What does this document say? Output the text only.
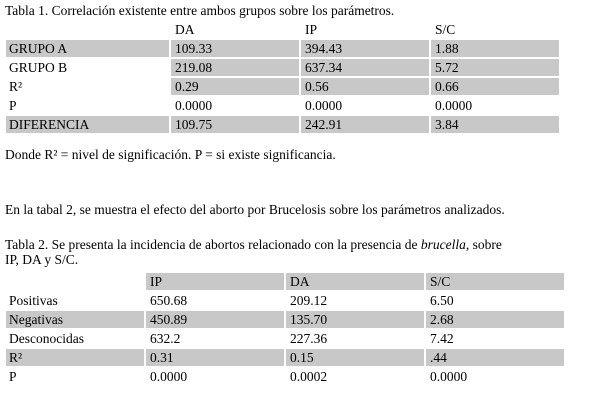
Tabla 1. Correlación existente entre ambos grupos sobre los parámetros.
	DA	IP	S/C
GRUPO A	109.33	394.43	1.88
GRUPO B	219.08	637.34	5.72
R²	0.29	0.56	0.66
P	0.0000	0.0000	0.0000
DIFERENCIA	109.75	242.91	3.84
Donde R² = nivel de significación. P = si existe significancia.
En la tabal 2, se muestra el efecto del aborto por Brucelosis sobre los parámetros analizados.
Tabla 2. Se presenta la incidencia de abortos relacionado con la presencia de brucella, sobre
IP, DA y S/C.
	IP	DA	S/C
Positivas	650.68	209.12	6.50
Negativas	450.89	135.70	2.68
Desconocidas	632.2	227.36	7.42
R²	0.31	0.15	.44
P	0.0000	0.0002	0.0000
